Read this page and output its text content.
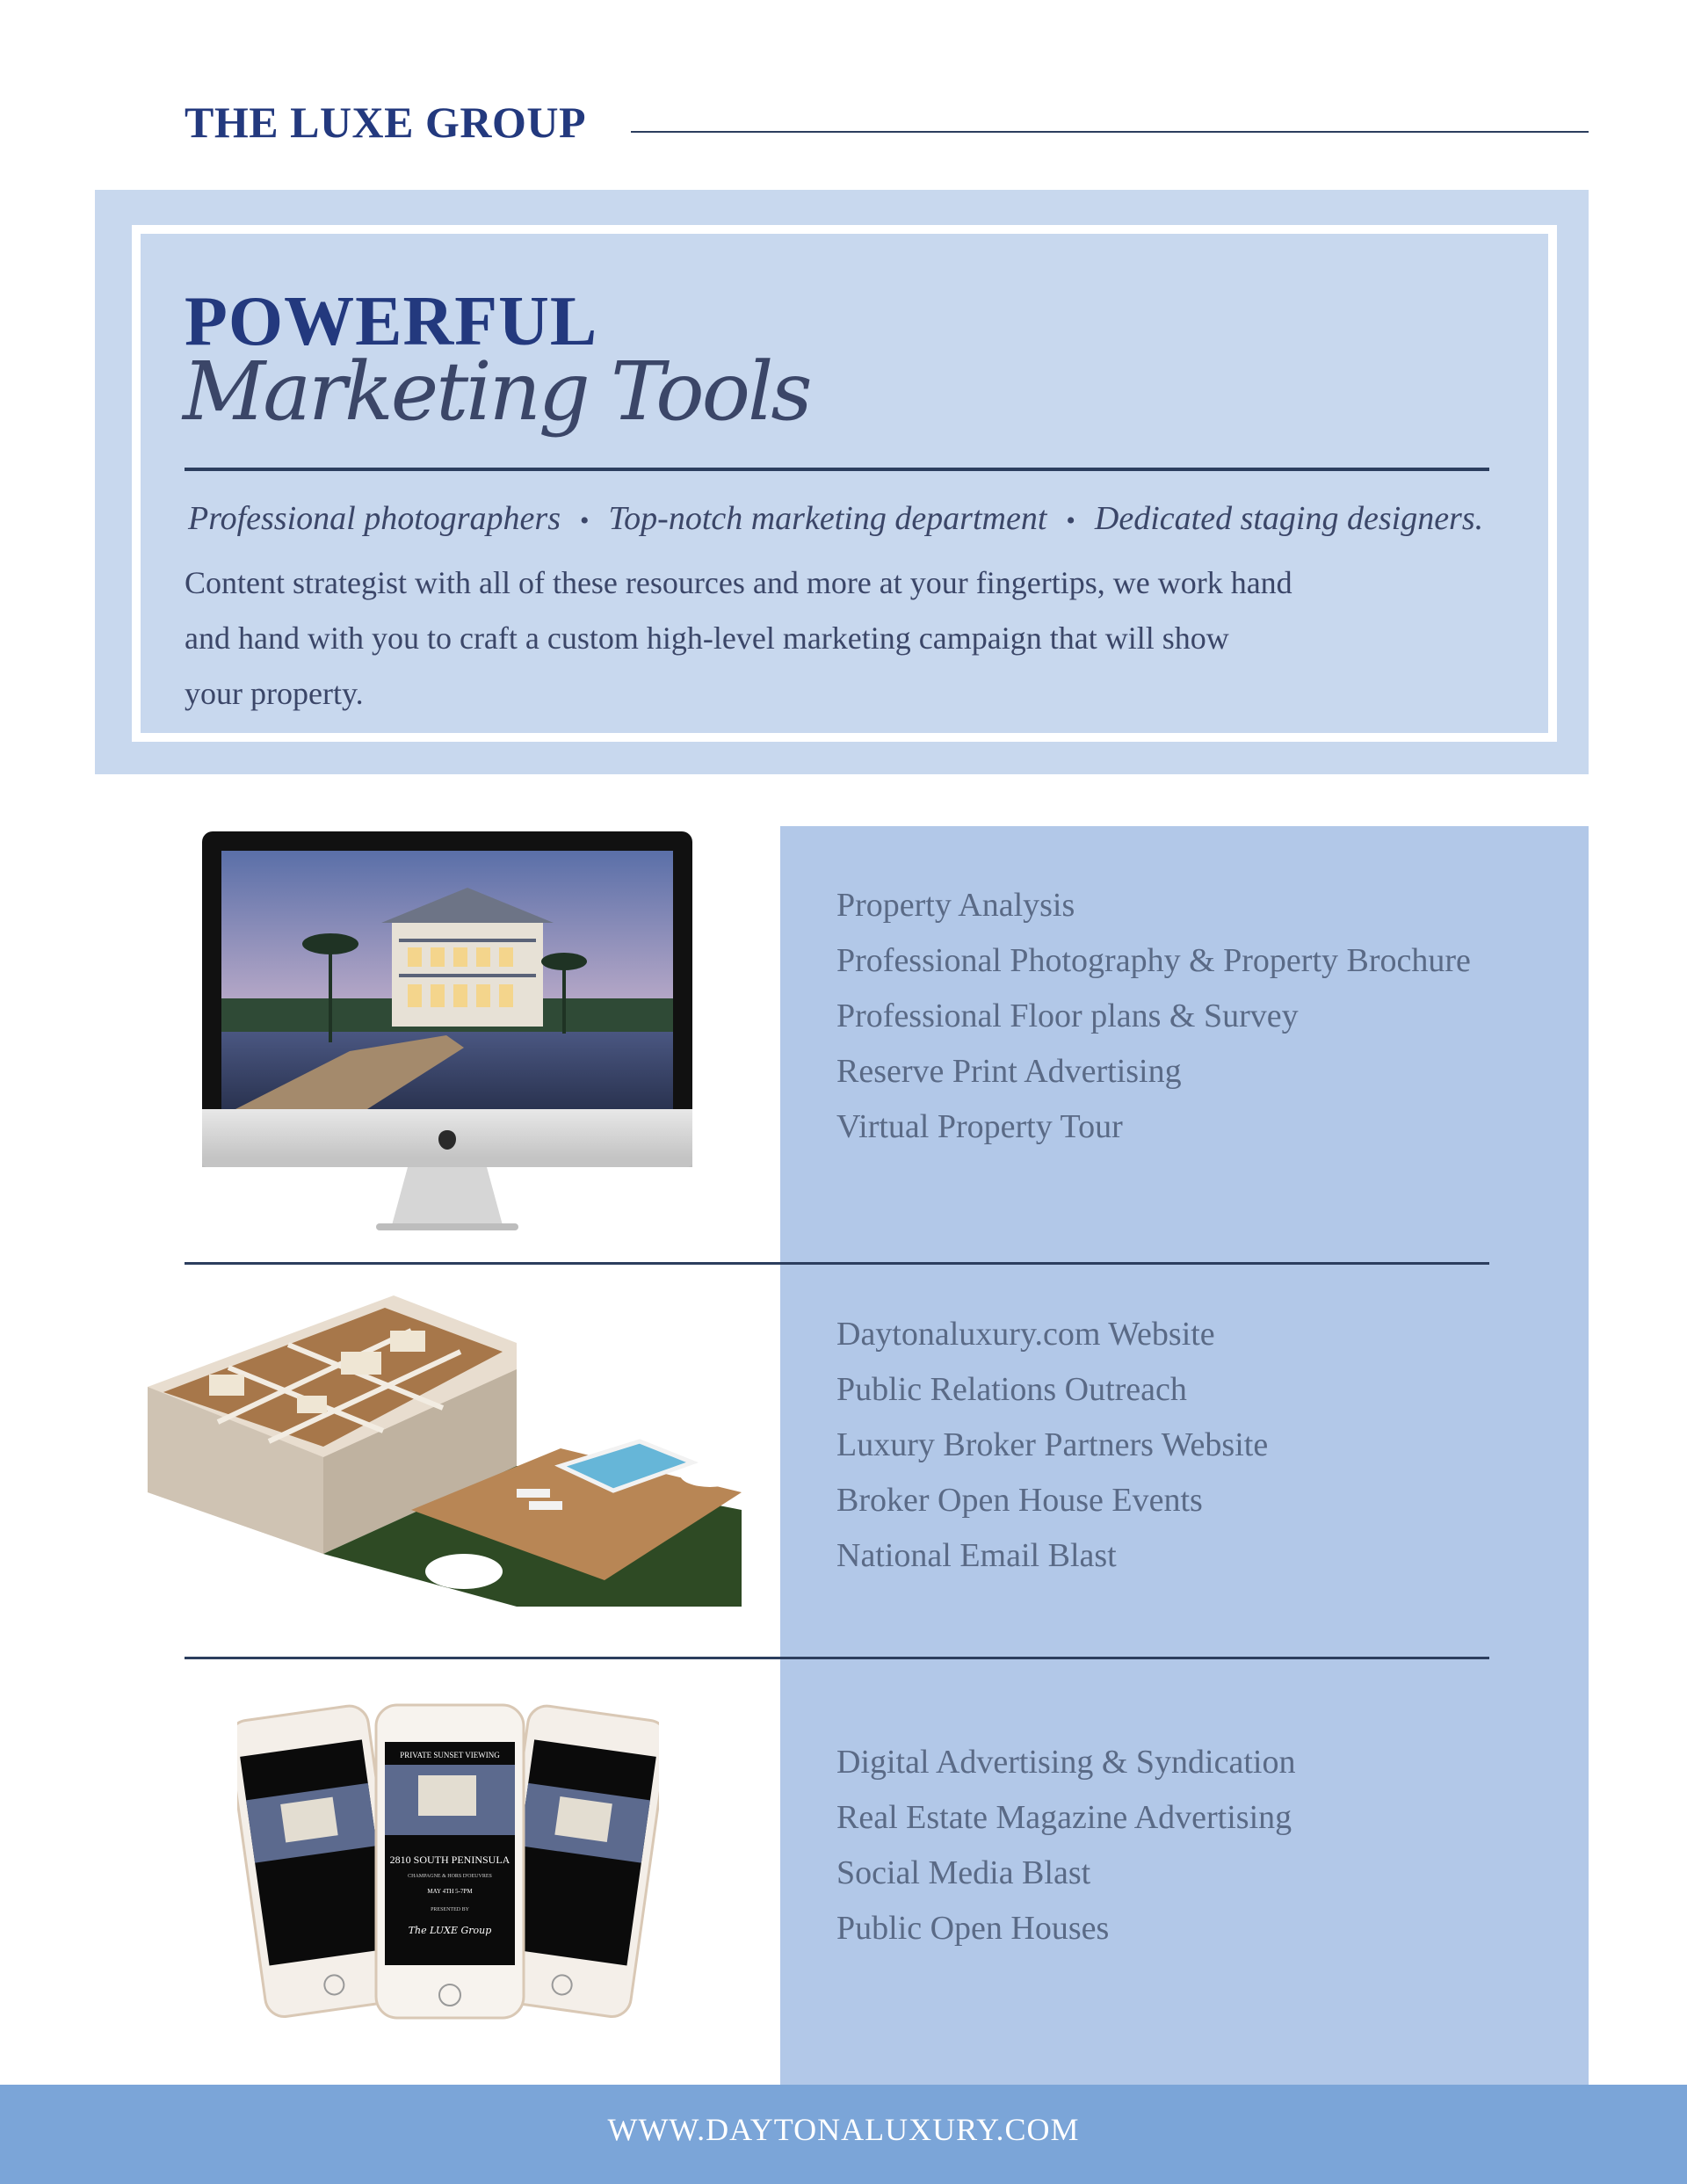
THE LUXE GROUP
POWERFUL
Marketing Tools
Professional photographers • Top-notch marketing department • Dedicated staging designers.
Content strategist with all of these resources and more at your fingertips, we work hand
and hand with you to craft a custom high-level marketing campaign that will show
your property.
Property Analysis
Professional Photography & Property Brochure
Professional Floor plans & Survey
Reserve Print Advertising
Virtual Property Tour
Daytonaluxury.com Website
Public Relations Outreach
Luxury Broker Partners Website
Broker Open House Events
National Email Blast
PRIVATE SUNSET VIEWING
2810 SOUTH PENINSULA
CHAMPAGNE & HORS D'OEUVRES
MAY 4TH 5-7PM
PRESENTED BY
The LUXE Group
Digital Advertising & Syndication
Real Estate Magazine Advertising
Social Media Blast
Public Open Houses
WWW.DAYTONALUXURY.COM
